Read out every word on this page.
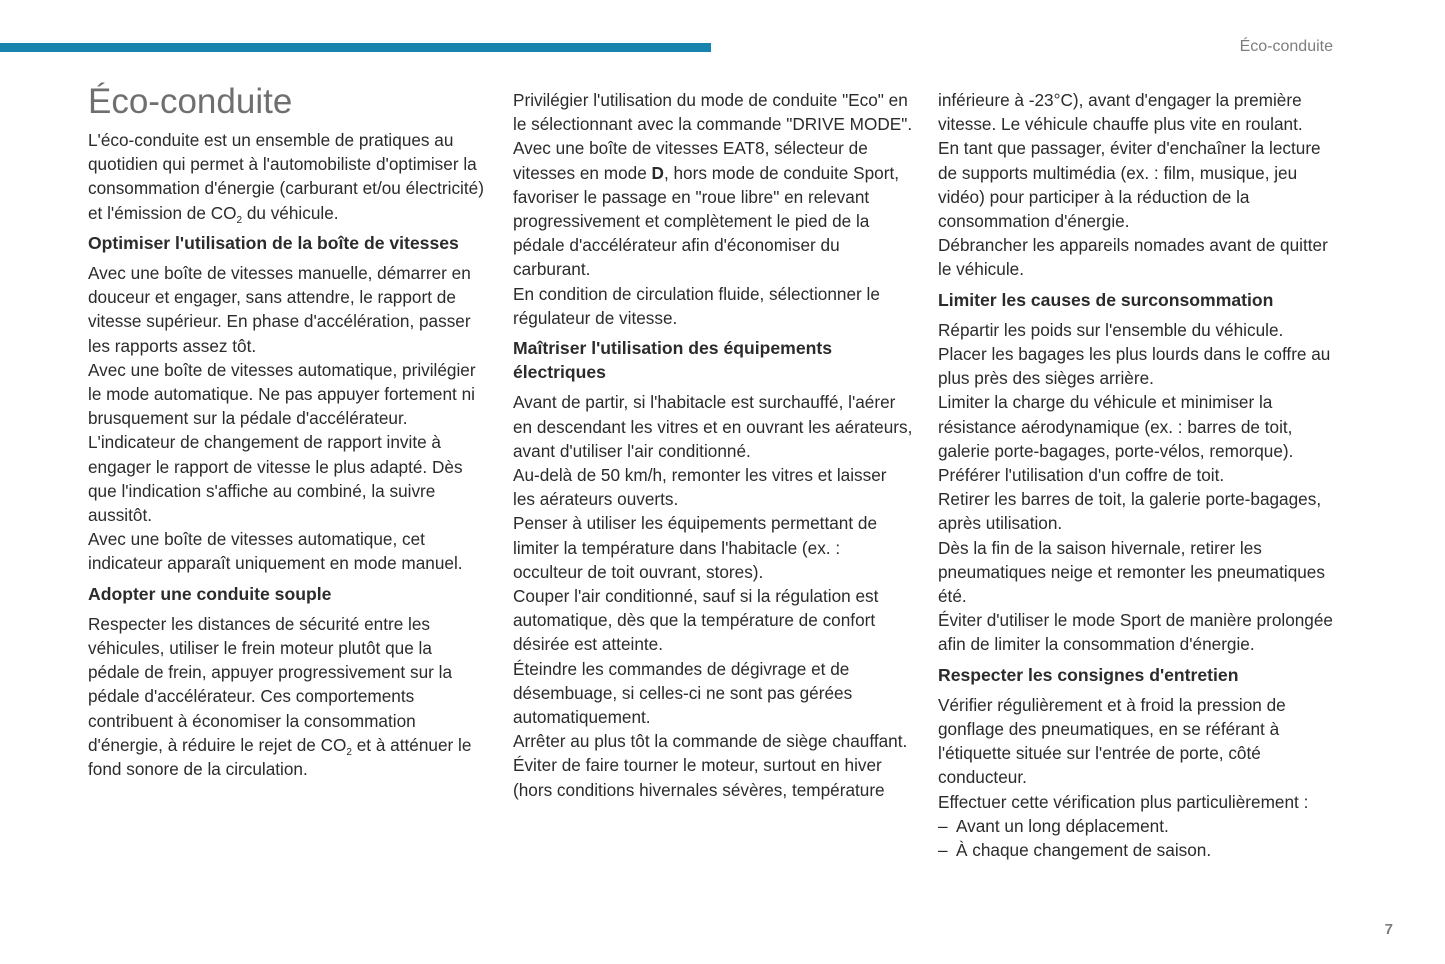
Éco-conduite
7
Éco-conduite

L'éco-conduite est un ensemble de pratiques au quotidien qui permet à l'automobiliste d'optimiser la consommation d'énergie (carburant et/ou électricité) et l'émission de $CO_2$ du véhicule.

Optimiser l'utilisation de la boîte de vitesses

Avec une boîte de vitesses manuelle, démarrer en douceur et engager, sans attendre, le rapport de vitesse supérieur. En phase d'accélération, passer les rapports assez tôt.

Avec une boîte de vitesses automatique, privilégier le mode automatique. Ne pas appuyer fortement ni brusquement sur la pédale d'accélérateur.

L'indicateur de changement de rapport invite à engager le rapport de vitesse le plus adapté. Dès que l'indication s'affiche au combiné, la suivre aussitôt.

Avec une boîte de vitesses automatique, cet indicateur apparaît uniquement en mode manuel.

Adopter une conduite souple

Respecter les distances de sécurité entre les véhicules, utiliser le frein moteur plutôt que la pédale de frein, appuyer progressivement sur la pédale d'accélérateur. Ces comportements contribuent à économiser la consommation d'énergie, à réduire le rejet de $CO_2$ et à atténuer le fond sonore de la circulation.

Privilégier l'utilisation du mode de conduite "Eco" en le sélectionnant avec la commande "DRIVE MODE".

Avec une boîte de vitesses EAT8, sélecteur de vitesses en mode D, hors mode de conduite Sport, favoriser le passage en "roue libre" en relevant progressivement et complètement le pied de la pédale d'accélérateur afin d'économiser du carburant.

En condition de circulation fluide, sélectionner le régulateur de vitesse.

Maîtriser l'utilisation des équipements électriques

Avant de partir, si l'habitacle est surchauffé, l'aérer en descendant les vitres et en ouvrant les aérateurs, avant d'utiliser l'air conditionné.

Au-delà de 50 km/h, remonter les vitres et laisser les aérateurs ouverts.

Penser à utiliser les équipements permettant de limiter la température dans l'habitacle (ex. : occulteur de toit ouvrant, stores).

Couper l'air conditionné, sauf si la régulation est automatique, dès que la température de confort désirée est atteinte.

Éteindre les commandes de dégivrage et de désembuage, si celles-ci ne sont pas gérées automatiquement.

Arrêter au plus tôt la commande de siège chauffant.

Éviter de faire tourner le moteur, surtout en hiver (hors conditions hivernales sévères, température

inférieure à -23°C), avant d'engager la première vitesse. Le véhicule chauffe plus vite en roulant.

En tant que passager, éviter d'enchaîner la lecture de supports multimédia (ex. : film, musique, jeu vidéo) pour participer à la réduction de la consommation d'énergie.

Débrancher les appareils nomades avant de quitter le véhicule.

Limiter les causes de surconsommation

Répartir les poids sur l'ensemble du véhicule.

Placer les bagages les plus lourds dans le coffre au plus près des sièges arrière.

Limiter la charge du véhicule et minimiser la résistance aérodynamique (ex. : barres de toit, galerie porte-bagages, porte-vélos, remorque).

Préférer l'utilisation d'un coffre de toit.

Retirer les barres de toit, la galerie porte-bagages, après utilisation.

Dès la fin de la saison hivernale, retirer les pneumatiques neige et remonter les pneumatiques été.

Éviter d'utiliser le mode Sport de manière prolongée afin de limiter la consommation d'énergie.

Respecter les consignes d'entretien

Vérifier régulièrement et à froid la pression de gonflage des pneumatiques, en se référant à l'étiquette située sur l'entrée de porte, côté conducteur.

Effectuer cette vérification plus particulièrement :

– Avant un long déplacement.
– À chaque changement de saison.
